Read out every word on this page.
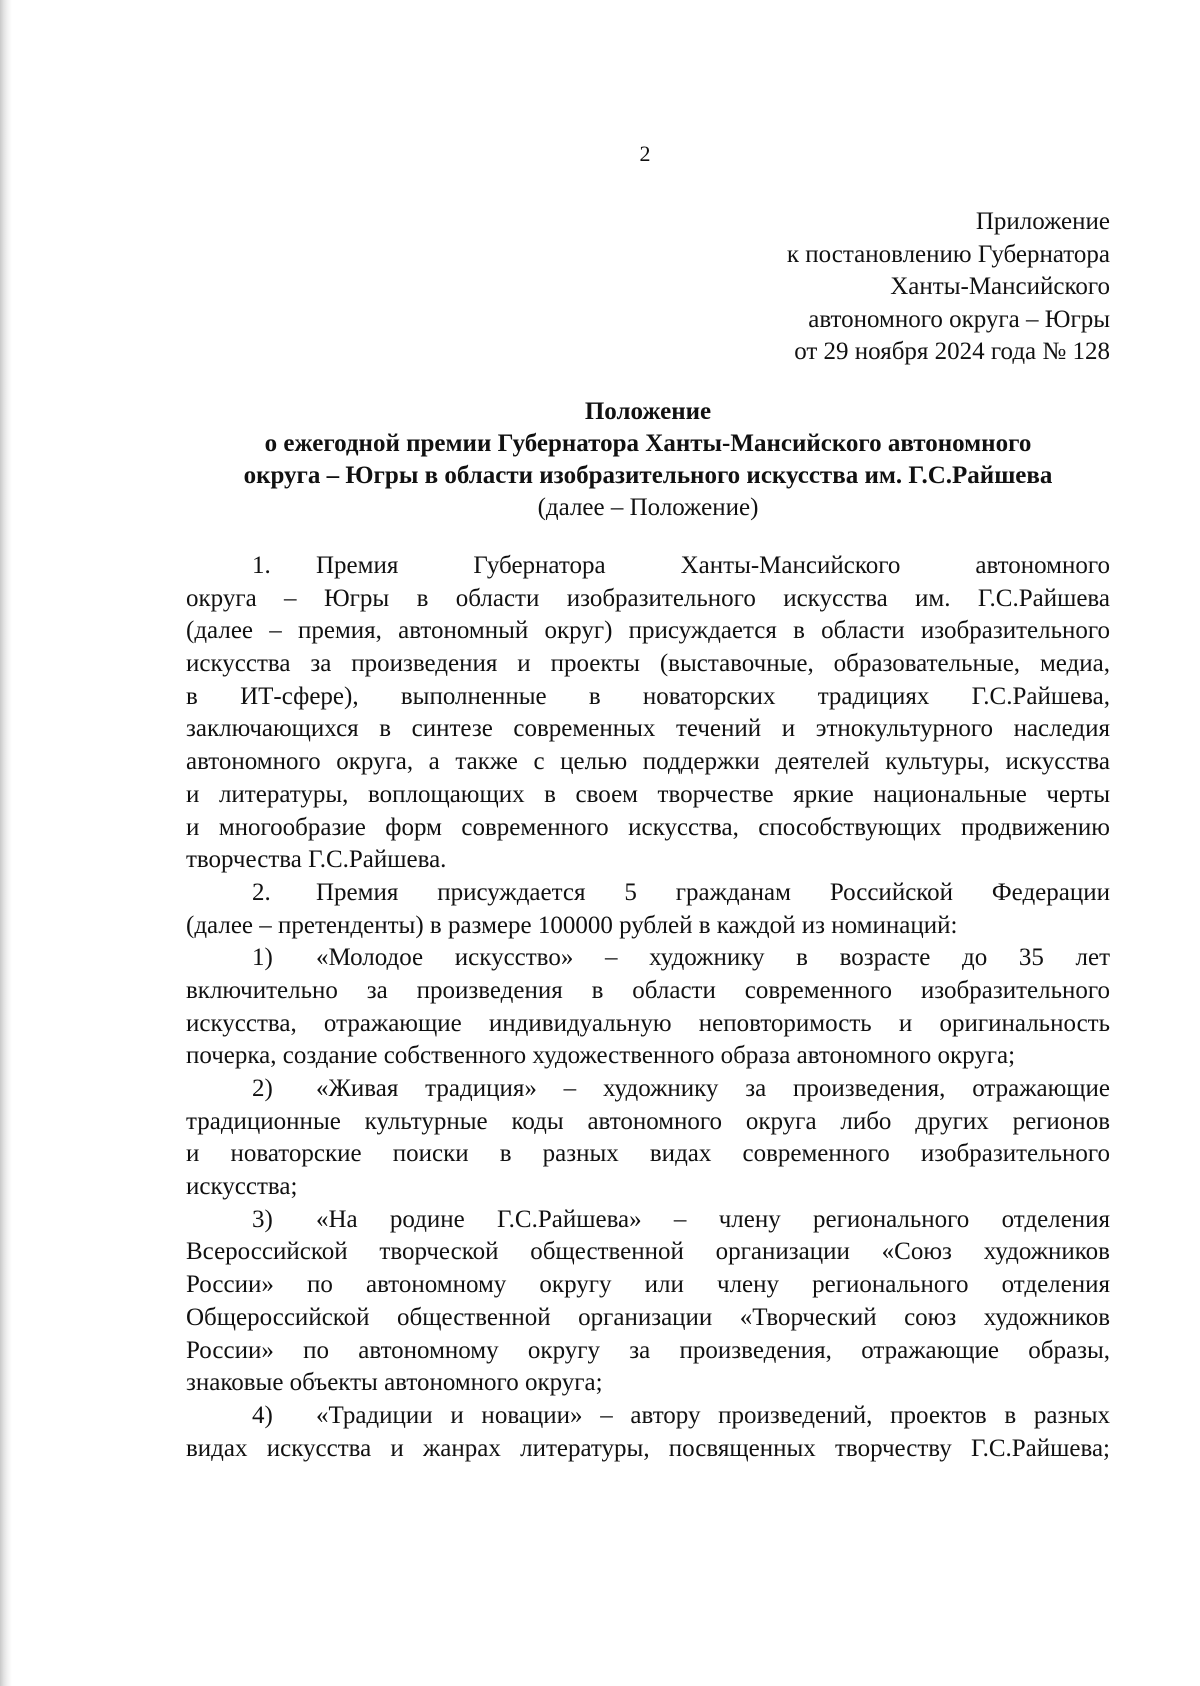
2
Приложение
к постановлению Губернатора
Ханты-Мансийского
автономного округа – Югры
от 29 ноября 2024 года № 128
Положение
о ежегодной премии Губернатора Ханты-Мансийского автономного
округа – Югры в области изобразительного искусства им. Г.С.Райшева
(далее – Положение)
1.	Премия Губернатора Ханты-Мансийского автономного
округа – Югры в области изобразительного искусства им. Г.С.Райшева
(далее – премия, автономный округ) присуждается в области изобразительного
искусства за произведения и проекты (выставочные, образовательные, медиа,
в ИТ-сфере), выполненные в новаторских традициях Г.С.Райшева,
заключающихся в синтезе современных течений и этнокультурного наследия
автономного округа, а также с целью поддержки деятелей культуры, искусства
и литературы, воплощающих в своем творчестве яркие национальные черты
и многообразие форм современного искусства, способствующих продвижению
творчества Г.С.Райшева.
2.	Премия присуждается 5 гражданам Российской Федерации
(далее – претенденты) в размере 100000 рублей в каждой из номинаций:
1)	«Молодое искусство» – художнику в возрасте до 35 лет
включительно за произведения в области современного изобразительного
искусства, отражающие индивидуальную неповторимость и оригинальность
почерка, создание собственного художественного образа автономного округа;
2)	«Живая традиция» – художнику за произведения, отражающие
традиционные культурные коды автономного округа либо других регионов
и новаторские поиски в разных видах современного изобразительного
искусства;
3)	«На родине Г.С.Райшева» – члену регионального отделения
Всероссийской творческой общественной организации «Союз художников
России» по автономному округу или члену регионального отделения
Общероссийской общественной организации «Творческий союз художников
России» по автономному округу за произведения, отражающие образы,
знаковые объекты автономного округа;
4)	«Традиции и новации» – автору произведений, проектов в разных
видах искусства и жанрах литературы, посвященных творчеству Г.С.Райшева;
